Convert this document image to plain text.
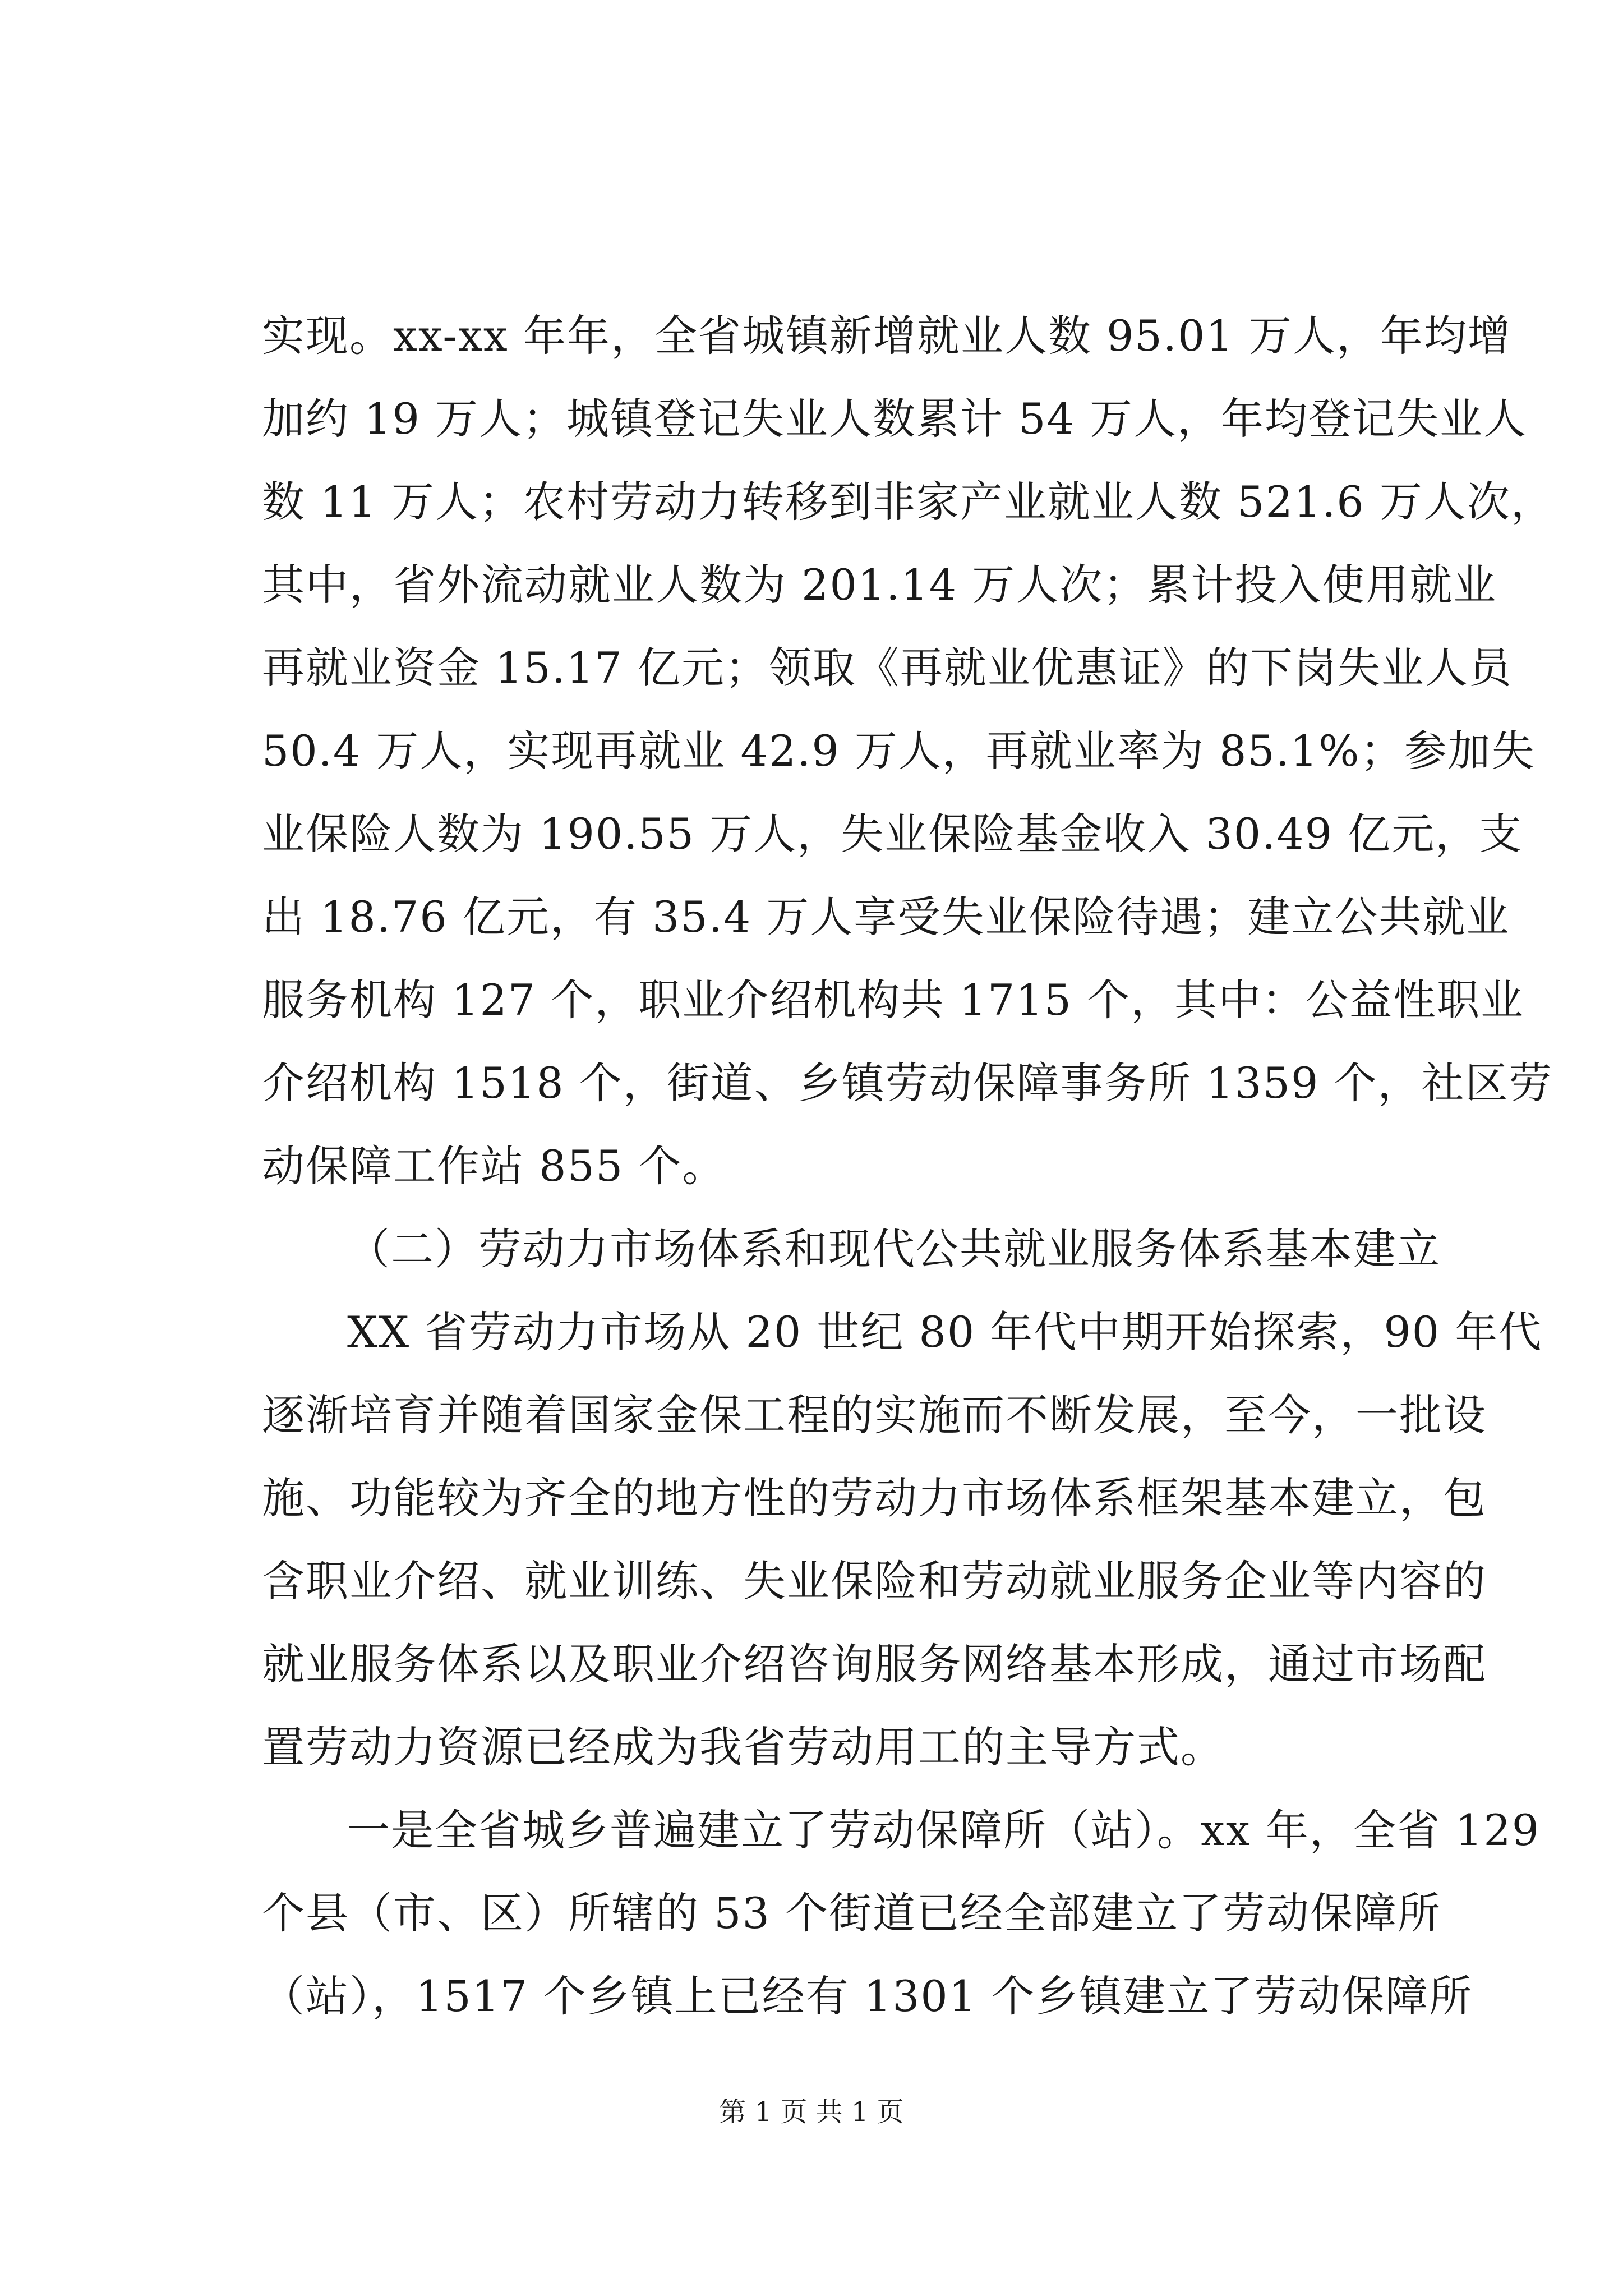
实现。xx-xx 年年，全省城镇新增就业人数 95.01 万人，年均增
加约 19 万人；城镇登记失业人数累计 54 万人，年均登记失业人
数 11 万人；农村劳动力转移到非家产业就业人数 521.6 万人次，
其中，省外流动就业人数为 201.14 万人次；累计投入使用就业
再就业资金 15.17 亿元；领取《再就业优惠证》的下岗失业人员
50.4 万人，实现再就业 42.9 万人，再就业率为 85.1%；参加失
业保险人数为 190.55 万人，失业保险基金收入 30.49 亿元，支
出 18.76 亿元，有 35.4 万人享受失业保险待遇；建立公共就业
服务机构 127 个，职业介绍机构共 1715 个，其中：公益性职业
介绍机构 1518 个，街道、乡镇劳动保障事务所 1359 个，社区劳
动保障工作站 855 个。
（二）劳动力市场体系和现代公共就业服务体系基本建立
XX 省劳动力市场从 20 世纪 80 年代中期开始探索，90 年代
逐渐培育并随着国家金保工程的实施而不断发展，至今，一批设
施、功能较为齐全的地方性的劳动力市场体系框架基本建立，包
含职业介绍、就业训练、失业保险和劳动就业服务企业等内容的
就业服务体系以及职业介绍咨询服务网络基本形成，通过市场配
置劳动力资源已经成为我省劳动用工的主导方式。
一是全省城乡普遍建立了劳动保障所（站）。xx 年，全省 129
个县（市、区）所辖的 53 个街道已经全部建立了劳动保障所
（站），1517 个乡镇上已经有 1301 个乡镇建立了劳动保障所
第 1 页 共 1 页
